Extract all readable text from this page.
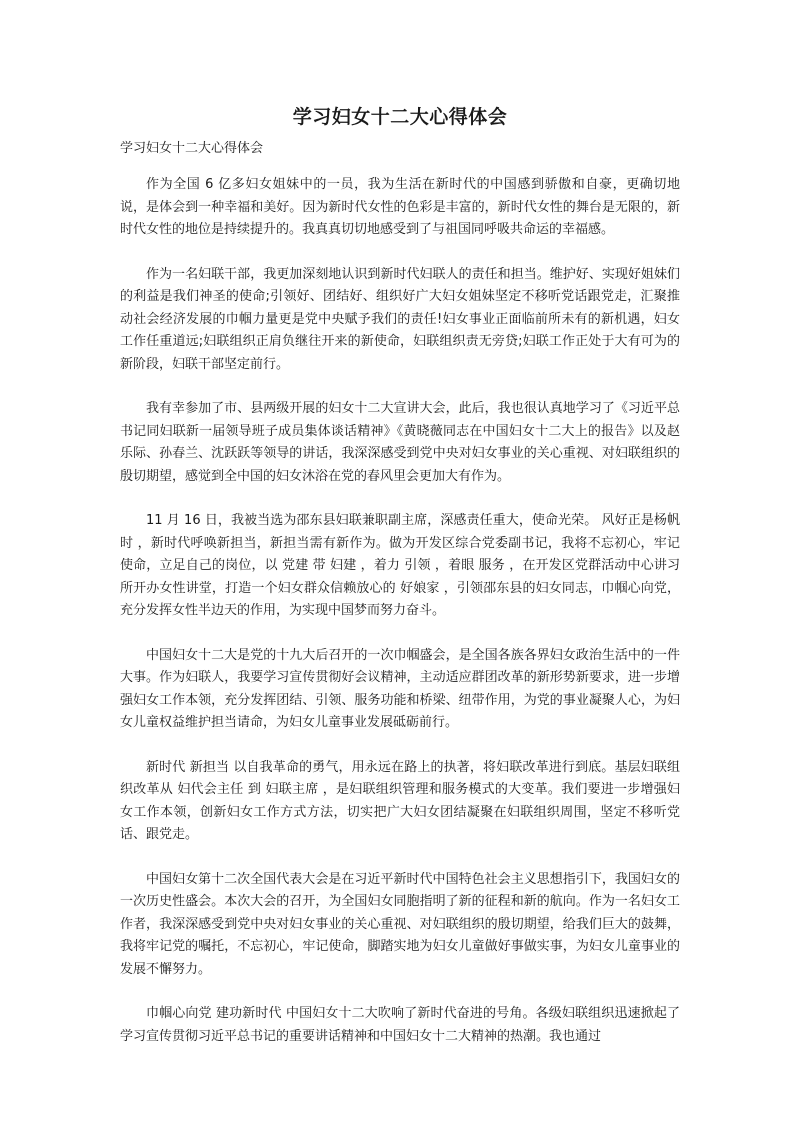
学习妇女十二大心得体会
学习妇女十二大心得体会

作为全国 6 亿多妇女姐妹中的一员，我为生活在新时代的中国感到骄傲和自豪，更确切地说，是体会到一种幸福和美好。因为新时代女性的色彩是丰富的，新时代女性的舞台是无限的，新时代女性的地位是持续提升的。我真真切切地感受到了与祖国同呼吸共命运的幸福感。

作为一名妇联干部，我更加深刻地认识到新时代妇联人的责任和担当。维护好、实现好姐妹们的利益是我们神圣的使命;引领好、团结好、组织好广大妇女姐妹坚定不移听党话跟党走，汇聚推动社会经济发展的巾帼力量更是党中央赋予我们的责任!妇女事业正面临前所未有的新机遇，妇女工作任重道远;妇联组织正肩负继往开来的新使命，妇联组织责无旁贷;妇联工作正处于大有可为的新阶段，妇联干部坚定前行。

我有幸参加了市、县两级开展的妇女十二大宣讲大会，此后，我也很认真地学习了《习近平总书记同妇联新一届领导班子成员集体谈话精神》《黄晓薇同志在中国妇女十二大上的报告》以及赵乐际、孙春兰、沈跃跃等领导的讲话，我深深感受到党中央对妇女事业的关心重视、对妇联组织的殷切期望，感觉到全中国的妇女沐浴在党的春风里会更加大有作为。

11 月 16 日，我被当选为邵东县妇联兼职副主席，深感责任重大，使命光荣。 风好正是杨帆时 ，新时代呼唤新担当，新担当需有新作为。做为开发区综合党委副书记，我将不忘初心，牢记使命，立足自己的岗位，以 党建 带 妇建 ，着力 引领 ，着眼 服务 ，在开发区党群活动中心讲习所开办女性讲堂，打造一个妇女群众信赖放心的 好娘家 ，引领邵东县的妇女同志，巾帼心向党，充分发挥女性半边天的作用，为实现中国梦而努力奋斗。

中国妇女十二大是党的十九大后召开的一次巾帼盛会，是全国各族各界妇女政治生活中的一件大事。作为妇联人，我要学习宣传贯彻好会议精神，主动适应群团改革的新形势新要求，进一步增强妇女工作本领，充分发挥团结、引领、服务功能和桥梁、纽带作用，为党的事业凝聚人心，为妇女儿童权益维护担当请命，为妇女儿童事业发展砥砺前行。

新时代 新担当 以自我革命的勇气，用永远在路上的执著，将妇联改革进行到底。基层妇联组织改革从 妇代会主任 到 妇联主席 ，是妇联组织管理和服务模式的大变革。我们要进一步增强妇女工作本领，创新妇女工作方式方法，切实把广大妇女团结凝聚在妇联组织周围，坚定不移听党话、跟党走。

中国妇女第十二次全国代表大会是在习近平新时代中国特色社会主义思想指引下，我国妇女的一次历史性盛会。本次大会的召开，为全国妇女同胞指明了新的征程和新的航向。作为一名妇女工作者，我深深感受到党中央对妇女事业的关心重视、对妇联组织的殷切期望，给我们巨大的鼓舞，我将牢记党的嘱托，不忘初心，牢记使命，脚踏实地为妇女儿童做好事做实事，为妇女儿童事业的发展不懈努力。

巾帼心向党 建功新时代 中国妇女十二大吹响了新时代奋进的号角。各级妇联组织迅速掀起了学习宣传贯彻习近平总书记的重要讲话精神和中国妇女十二大精神的热潮。我也通过
